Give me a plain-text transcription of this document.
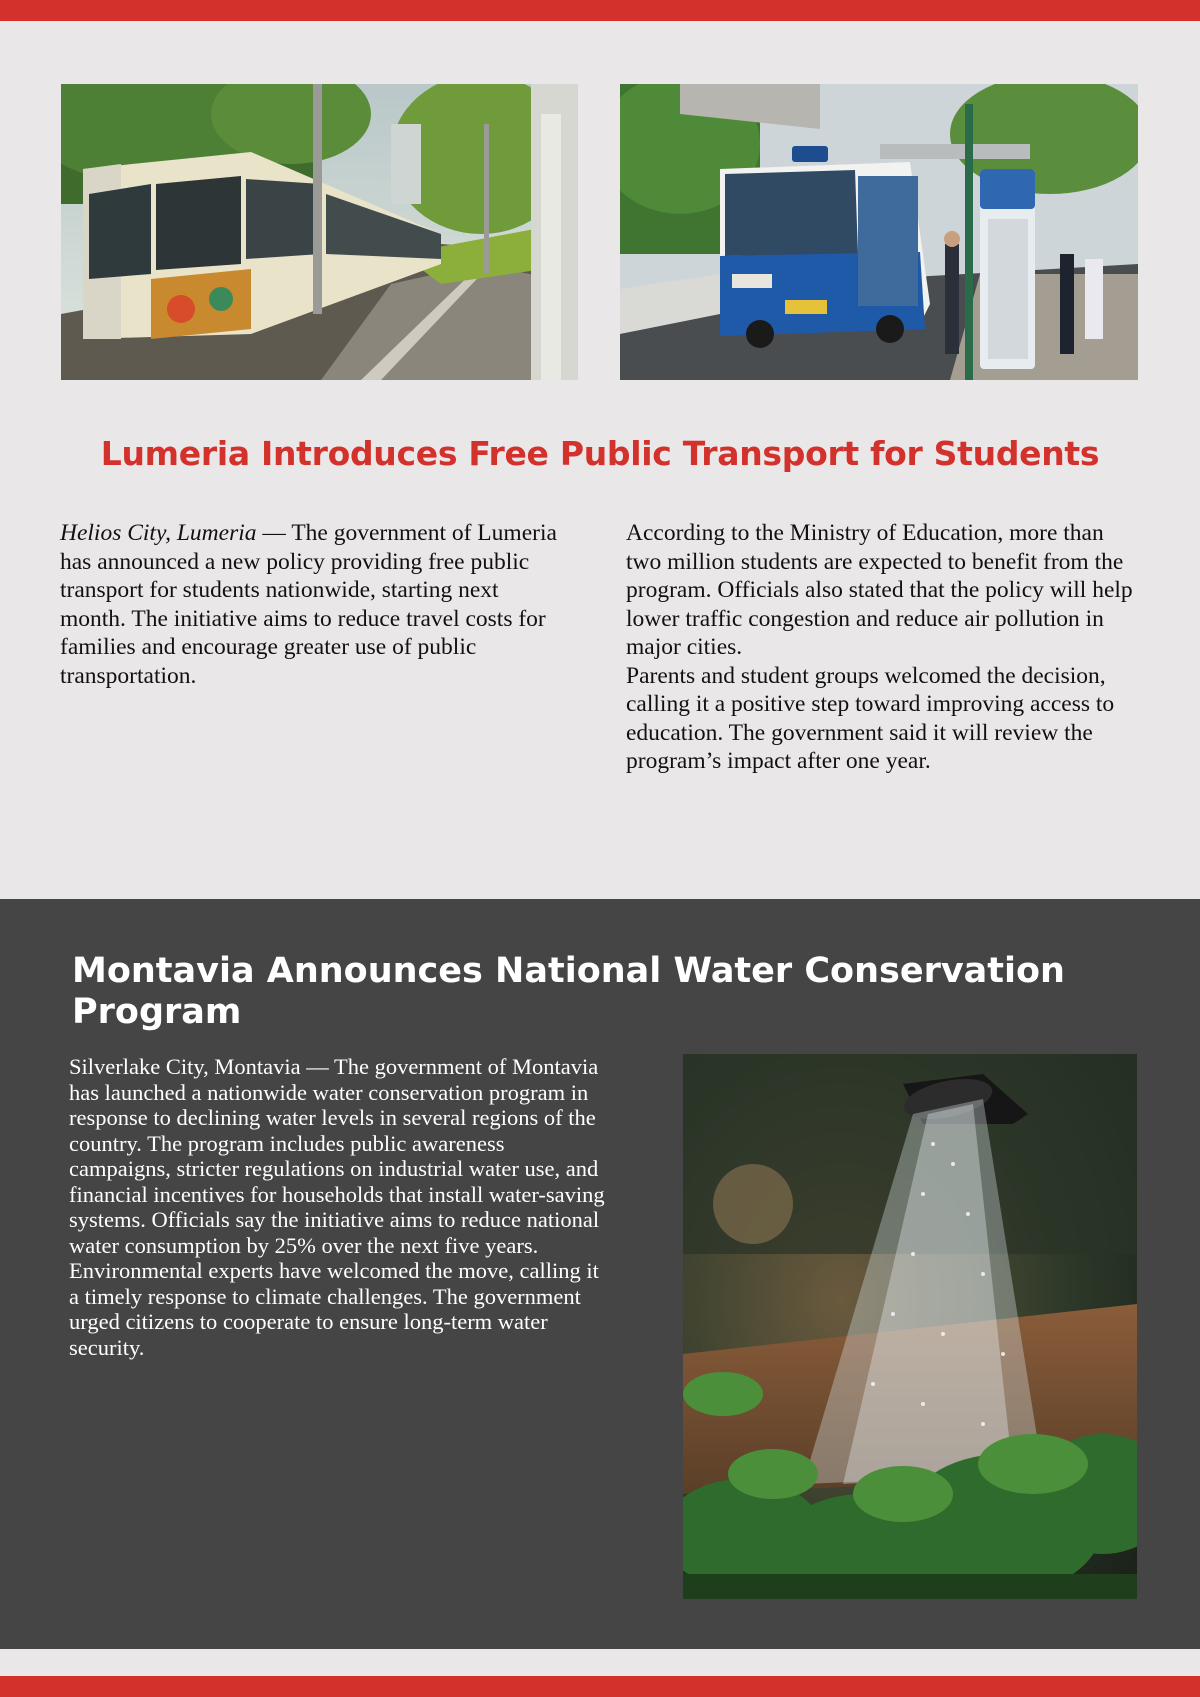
Lumeria Introduces Free Public Transport for Students

Helios City, Lumeria — The government of Lumeria has announced a new policy providing free public transport for students nationwide, starting next month. The initiative aims to reduce travel costs for families and encourage greater use of public transportation.

According to the Ministry of Education, more than two million students are expected to benefit from the program. Officials also stated that the policy will help lower traffic congestion and reduce air pollution in major cities.

Parents and student groups welcomed the decision, calling it a positive step toward improving access to education. The government said it will review the program’s impact after one year.

Montavia Announces National Water Conservation Program

Silverlake City, Montavia — The government of Montavia has launched a nationwide water conservation program in response to declining water levels in several regions of the country. The program includes public awareness campaigns, stricter regulations on industrial water use, and financial incentives for households that install water-saving systems. Officials say the initiative aims to reduce national water consumption by 25% over the next five years.

Environmental experts have welcomed the move, calling it a timely response to climate challenges. The government urged citizens to cooperate to ensure long-term water security.
